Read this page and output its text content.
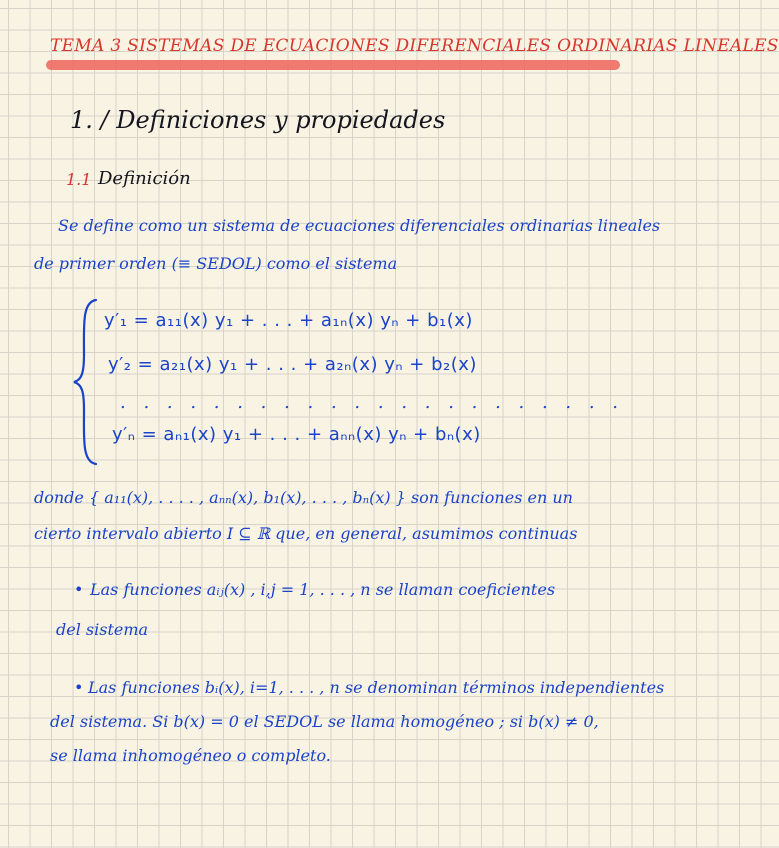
TEMA 3 SISTEMAS DE ECUACIONES DIFERENCIALES ORDINARIAS LINEALES
1. / Definiciones y propiedades
1.1 Definición
Se define como un sistema de ecuaciones diferenciales ordinarias lineales
de primer orden (≡ SEDOL) como el sistema
y′₁ = a₁₁(x) y₁ + . . . + a₁ₙ(x) yₙ + b₁(x)
y′₂ = a₂₁(x) y₁ + . . . + a₂ₙ(x) yₙ + b₂(x)
. . . . . . . . . . . . . . . . . . . . . .
y′ₙ = aₙ₁(x) y₁ + . . . + aₙₙ(x) yₙ + bₙ(x)
donde { a₁₁(x), . . . . , aₙₙ(x), b₁(x), . . . , bₙ(x) } son funciones en un
cierto intervalo abierto I ⊆ ℝ que, en general, asumimos continuas
• Las funciones aᵢⱼ(x) , i,j = 1, . . . , n se llaman coeficientes
del sistema
• Las funciones bᵢ(x), i=1, . . . , n se denominan términos independientes
del sistema. Si b(x) = 0 el SEDOL se llama homogéneo ; si b(x) ≠ 0,
se llama inhomogéneo o completo.
